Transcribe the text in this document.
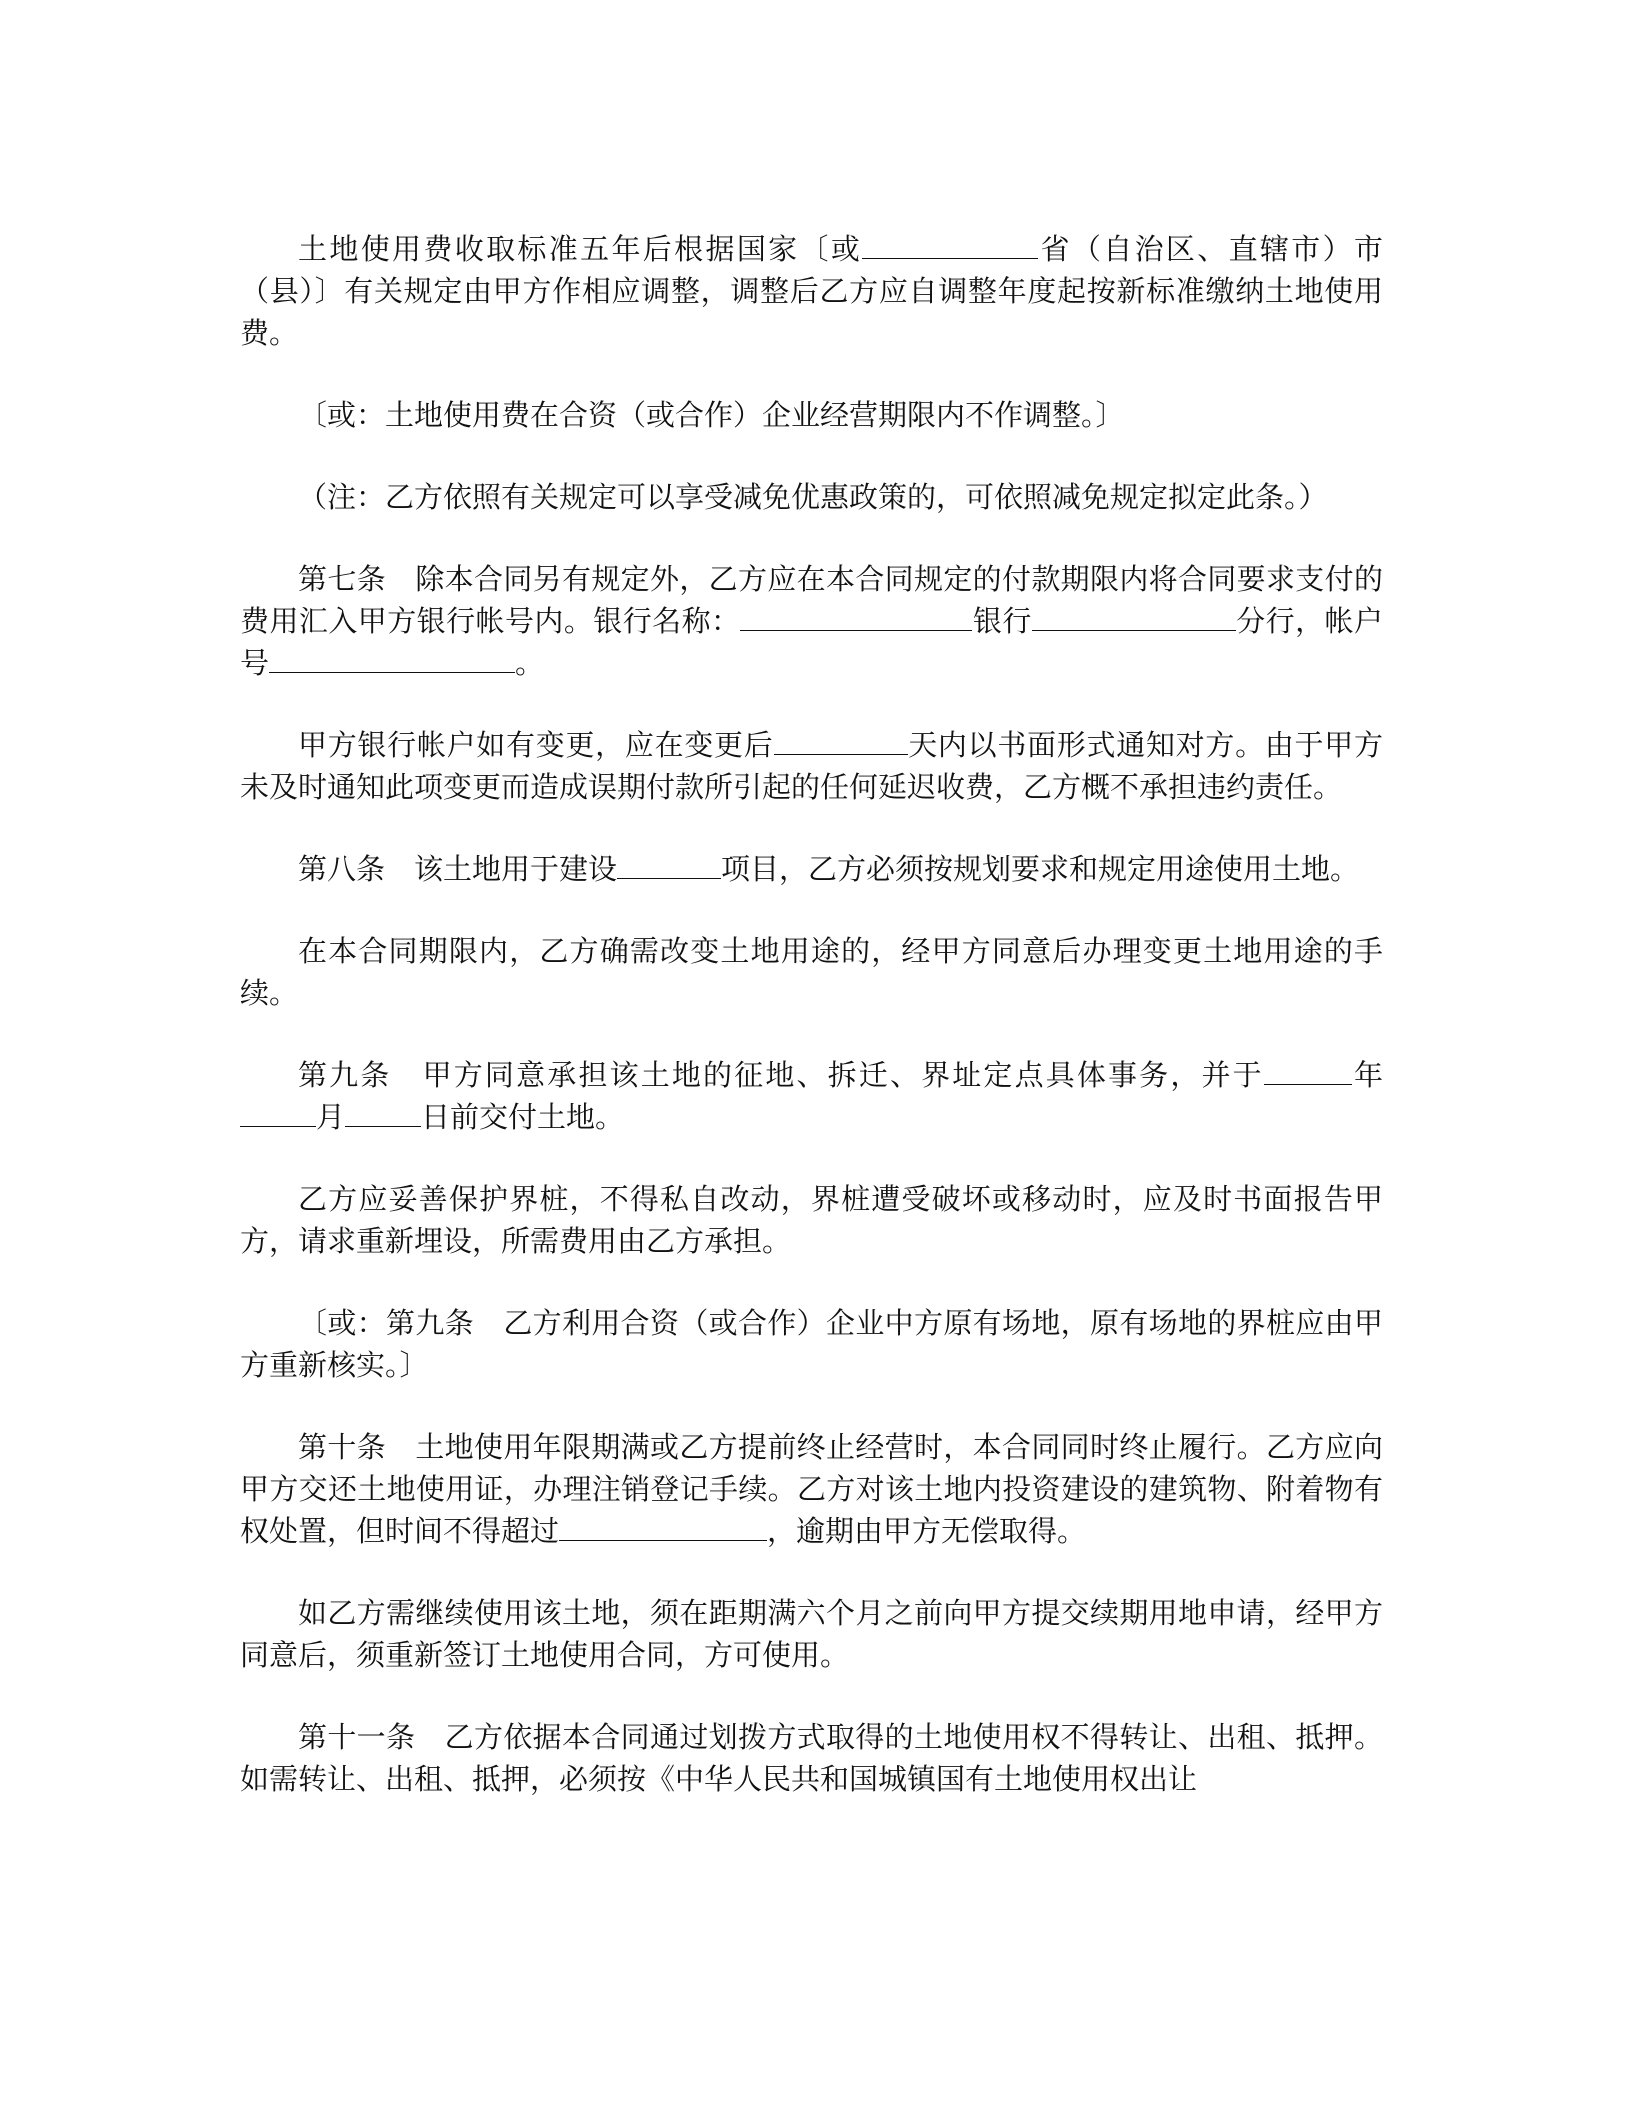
土地使用费收取标准五年后根据国家〔或	省（自治区、直辖市）市（县）〕有关规定由甲方作相应调整，调整后乙方应自调整年度起按新标准缴纳土地使用费。

〔或：土地使用费在合资（或合作）企业经营期限内不作调整。〕

（注：乙方依照有关规定可以享受减免优惠政策的，可依照减免规定拟定此条。）

第七条 除本合同另有规定外，乙方应在本合同规定的付款期限内将合同要求支付的费用汇入甲方银行帐号内。银行名称：	银行	分行，帐户号	。

甲方银行帐户如有变更，应在变更后	天内以书面形式通知对方。由于甲方未及时通知此项变更而造成误期付款所引起的任何延迟收费，乙方概不承担违约责任。

第八条 该土地用于建设	项目，乙方必须按规划要求和规定用途使用土地。

在本合同期限内，乙方确需改变土地用途的，经甲方同意后办理变更土地用途的手续。

第九条 甲方同意承担该土地的征地、拆迁、界址定点具体事务，并于	年月	日前交付土地。

乙方应妥善保护界桩，不得私自改动，界桩遭受破坏或移动时，应及时书面报告甲方，请求重新埋设，所需费用由乙方承担。

〔或：第九条 乙方利用合资（或合作）企业中方原有场地，原有场地的界桩应由甲方重新核实。〕

第十条 土地使用年限期满或乙方提前终止经营时，本合同同时终止履行。乙方应向甲方交还土地使用证，办理注销登记手续。乙方对该土地内投资建设的建筑物、附着物有权处置，但时间不得超过	，逾期由甲方无偿取得。

如乙方需继续使用该土地，须在距期满六个月之前向甲方提交续期用地申请，经甲方同意后，须重新签订土地使用合同，方可使用。

第十一条 乙方依据本合同通过划拨方式取得的土地使用权不得转让、出租、抵押。如需转让、出租、抵押，必须按《中华人民共和国城镇国有土地使用权出让
